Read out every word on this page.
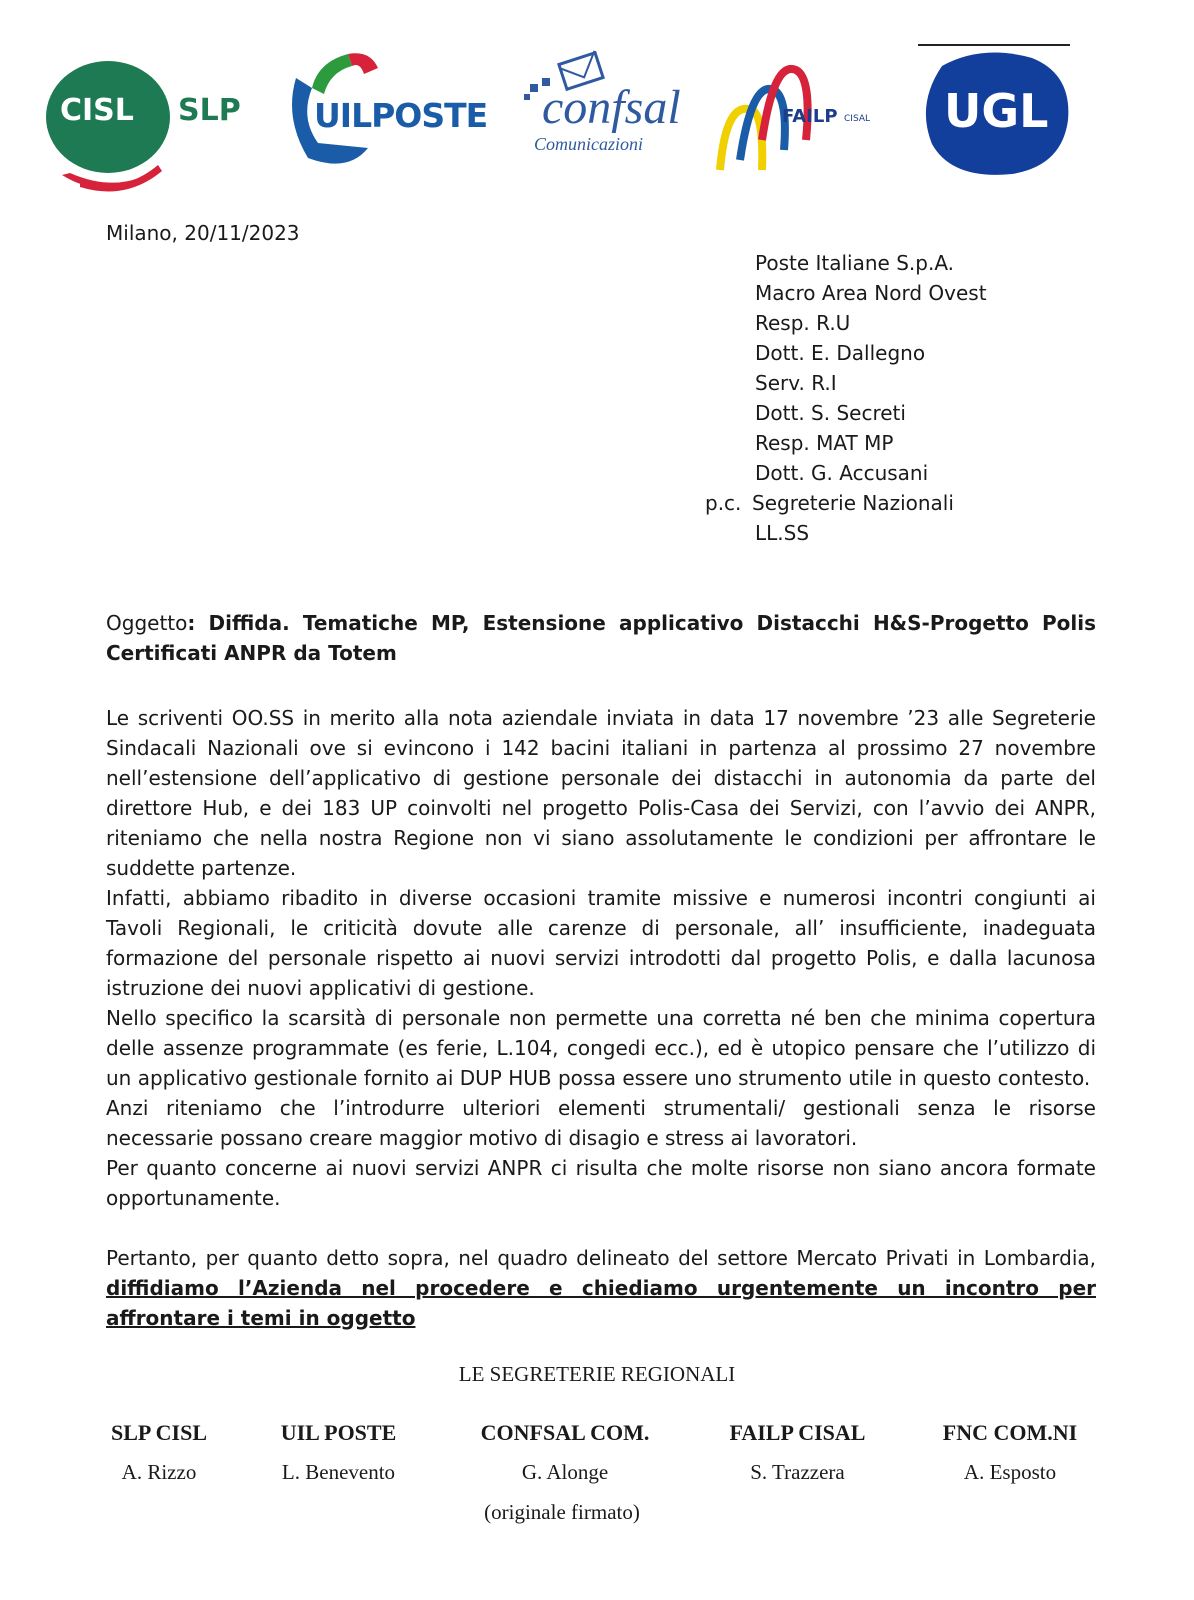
CISL SLP UILPOSTE confsal
Comunicazioni
FAILP CISAL UGL
Milano, 20/11/2023
Poste Italiane S.p.A.
Macro Area Nord Ovest
Resp. R.U
Dott. E. Dallegno
Serv. R.I
Dott. S. Secreti
Resp. MAT MP
Dott. G. Accusani
p.c. Segreterie Nazionali
LL.SS
Oggetto: Diffida. Tematiche MP, Estensione applicativo Distacchi H&S-Progetto Polis Certificati ANPR da Totem

Le scriventi OO.SS in merito alla nota aziendale inviata in data 17 novembre ’23 alle Segreterie Sindacali Nazionali ove si evincono i 142 bacini italiani in partenza al prossimo 27 novembre nell’estensione dell’applicativo di gestione personale dei distacchi in autonomia da parte del direttore Hub, e dei 183 UP coinvolti nel progetto Polis-Casa dei Servizi, con l’avvio dei ANPR, riteniamo che nella nostra Regione non vi siano assolutamente le condizioni per affrontare le suddette partenze.

Infatti, abbiamo ribadito in diverse occasioni tramite missive e numerosi incontri congiunti ai Tavoli Regionali, le criticità dovute alle carenze di personale, all’ insufficiente, inadeguata formazione del personale rispetto ai nuovi servizi introdotti dal progetto Polis, e dalla lacunosa istruzione dei nuovi applicativi di gestione.

Nello specifico la scarsità di personale non permette una corretta né ben che minima copertura delle assenze programmate (es ferie, L.104, congedi ecc.), ed è utopico pensare che l’utilizzo di un applicativo gestionale fornito ai DUP HUB possa essere uno strumento utile in questo contesto.

Anzi riteniamo che l’introdurre ulteriori elementi strumentali/ gestionali senza le risorse necessarie possano creare maggior motivo di disagio e stress ai lavoratori.

Per quanto concerne ai nuovi servizi ANPR ci risulta che molte risorse non siano ancora formate opportunamente.

Pertanto, per quanto detto sopra, nel quadro delineato del settore Mercato Privati in Lombardia, diffidiamo l’Azienda nel procedere e chiediamo urgentemente un incontro per affrontare i temi in oggetto

LE SEGRETERIE REGIONALI
SLP CISL
A. Rizzo
UIL POSTE
L. Benevento
CONFSAL COM.
G. Alonge
FAILP CISAL
S. Trazzera
FNC COM.NI
A. Esposto
(originale firmato)
